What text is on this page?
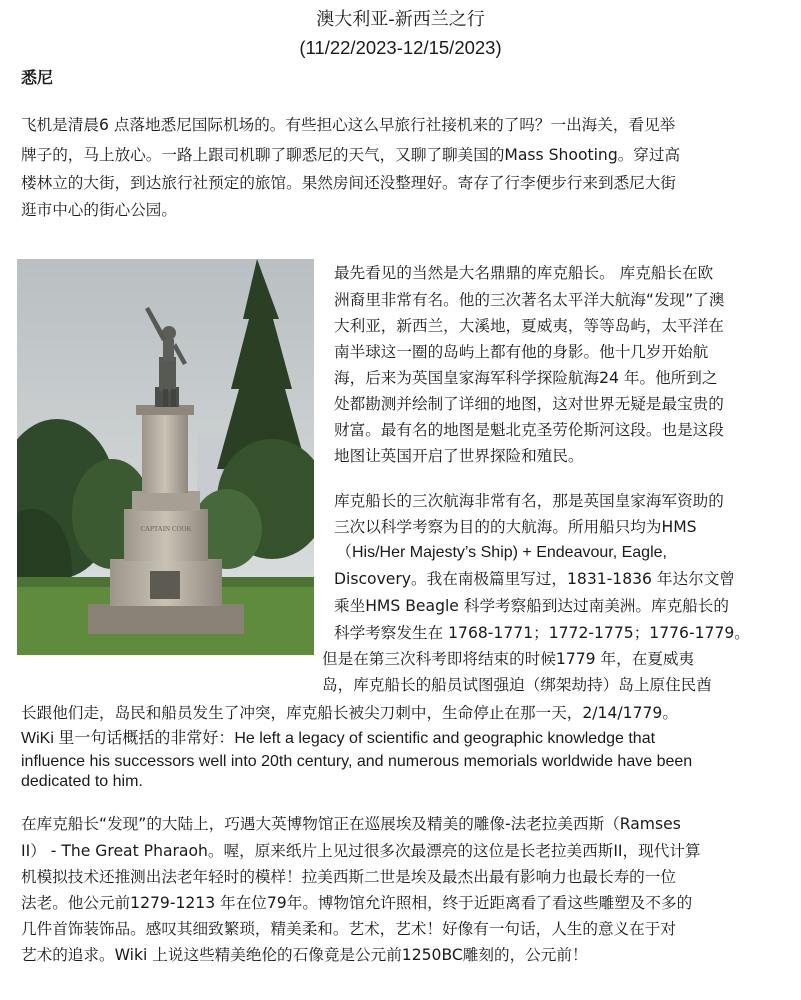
澳大利亚-新西兰之行
(11/22/2023-12/15/2023)
悉尼

飞机是清晨6 点落地悉尼国际机场的。有些担心这么早旅行社接机来的了吗？一出海关，看见举

牌子的，马上放心。一路上跟司机聊了聊悉尼的天气，又聊了聊美国的Mass Shooting。穿过高

楼林立的大街，到达旅行社预定的旅馆。果然房间还没整理好。寄存了行李便步行来到悉尼大街

逛市中心的街心公园。

CAPTAIN COOK

最先看见的当然是大名鼎鼎的库克船长。 库克船长在欧

洲裔里非常有名。他的三次著名太平洋大航海“发现”了澳

大利亚，新西兰，大溪地，夏威夷，等等岛屿，太平洋在

南半球这一圈的岛屿上都有他的身影。他十几岁开始航

海，后来为英国皇家海军科学探险航海24 年。他所到之

处都勘测并绘制了详细的地图，这对世界无疑是最宝贵的

财富。最有名的地图是魁北克圣劳伦斯河这段。也是这段

地图让英国开启了世界探险和殖民。

库克船长的三次航海非常有名，那是英国皇家海军资助的

三次以科学考察为目的的大航海。所用船只均为HMS

（His/Her Majesty’s Ship) + Endeavour, Eagle,

Discovery。我在南极篇里写过，1831-1836 年达尔文曾

乘坐HMS Beagle 科学考察船到达过南美洲。库克船长的

科学考察发生在 1768-1771；1772-1775；1776-1779。

但是在第三次科考即将结束的时候1779 年，在夏威夷

岛，库克船长的船员试图强迫（绑架劫持）岛上原住民酋

长跟他们走，岛民和船员发生了冲突，库克船长被尖刀刺中，生命停止在那一天，2/14/1779。

WiKi 里一句话概括的非常好：He left a legacy of scientific and geographic knowledge that

influence his successors well into 20th century, and numerous memorials worldwide have been

dedicated to him.

在库克船长“发现”的大陆上，巧遇大英博物馆正在巡展埃及精美的雕像-法老拉美西斯（Ramses

II） - The Great Pharaoh。喔，原来纸片上见过很多次最漂亮的这位是长老拉美西斯II，现代计算

机模拟技术还推测出法老年轻时的模样！拉美西斯二世是埃及最杰出最有影响力也最长寿的一位

法老。他公元前1279-1213 年在位79年。博物馆允许照相，终于近距离看了看这些雕塑及不多的

几件首饰装饰品。感叹其细致繁琐，精美柔和。艺术，艺术！好像有一句话，人生的意义在于对

艺术的追求。Wiki 上说这些精美绝伦的石像竟是公元前1250BC雕刻的，公元前！
